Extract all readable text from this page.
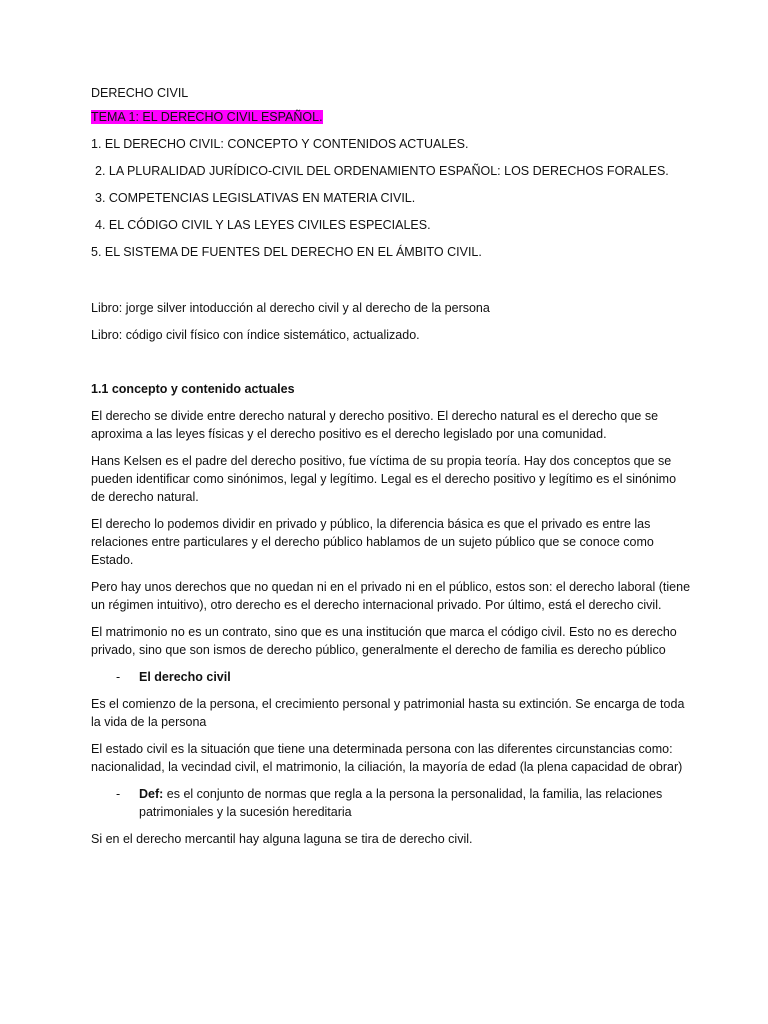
DERECHO CIVIL

TEMA 1: EL DERECHO CIVIL ESPAÑOL.

1. EL DERECHO CIVIL: CONCEPTO Y CONTENIDOS ACTUALES.
2. LA PLURALIDAD JURÍDICO-CIVIL DEL ORDENAMIENTO ESPAÑOL: LOS DERECHOS FORALES.
3. COMPETENCIAS LEGISLATIVAS EN MATERIA CIVIL.
4. EL CÓDIGO CIVIL Y LAS LEYES CIVILES ESPECIALES.
5. EL SISTEMA DE FUENTES DEL DERECHO EN EL ÁMBITO CIVIL.

Libro: jorge silver intoducción al derecho civil y al derecho de la persona

Libro: código civil físico con índice sistemático, actualizado.

1.1 concepto y contenido actuales

El derecho se divide entre derecho natural y derecho positivo. El derecho natural es el derecho que se aproxima a las leyes físicas y el derecho positivo es el derecho legislado por una comunidad.

Hans Kelsen es el padre del derecho positivo, fue víctima de su propia teoría. Hay dos conceptos que se pueden identificar como sinónimos, legal y legítimo. Legal es el derecho positivo y legítimo es el sinónimo de derecho natural.

El derecho lo podemos dividir en privado y público, la diferencia básica es que el privado es entre las relaciones entre particulares y el derecho público hablamos de un sujeto público que se conoce como Estado.

Pero hay unos derechos que no quedan ni en el privado ni en el público, estos son: el derecho laboral (tiene un régimen intuitivo), otro derecho es el derecho internacional privado. Por último, está el derecho civil.

El matrimonio no es un contrato, sino que es una institución que marca el código civil. Esto no es derecho privado, sino que son ismos de derecho público, generalmente el derecho de familia es derecho público

-	El derecho civil

Es el comienzo de la persona, el crecimiento personal y patrimonial hasta su extinción. Se encarga de toda la vida de la persona

El estado civil es la situación que tiene una determinada persona con las diferentes circunstancias como: nacionalidad, la vecindad civil, el matrimonio, la ciliación, la mayoría de edad (la plena capacidad de obrar)

-	Def: es el conjunto de normas que regla a la persona la personalidad, la familia, las relaciones patrimoniales y la sucesión hereditaria

Si en el derecho mercantil hay alguna laguna se tira de derecho civil.
